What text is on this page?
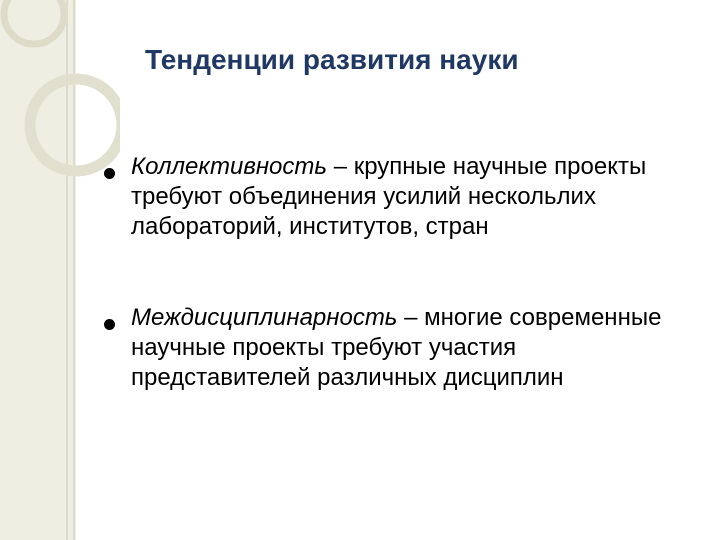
Тенденции развития науки
Коллективность – крупные научные проекты требуют объединения усилий нескольлих лабораторий, институтов, стран
Междисциплинарность – многие современные научные проекты требуют участия представителей различных дисциплин
